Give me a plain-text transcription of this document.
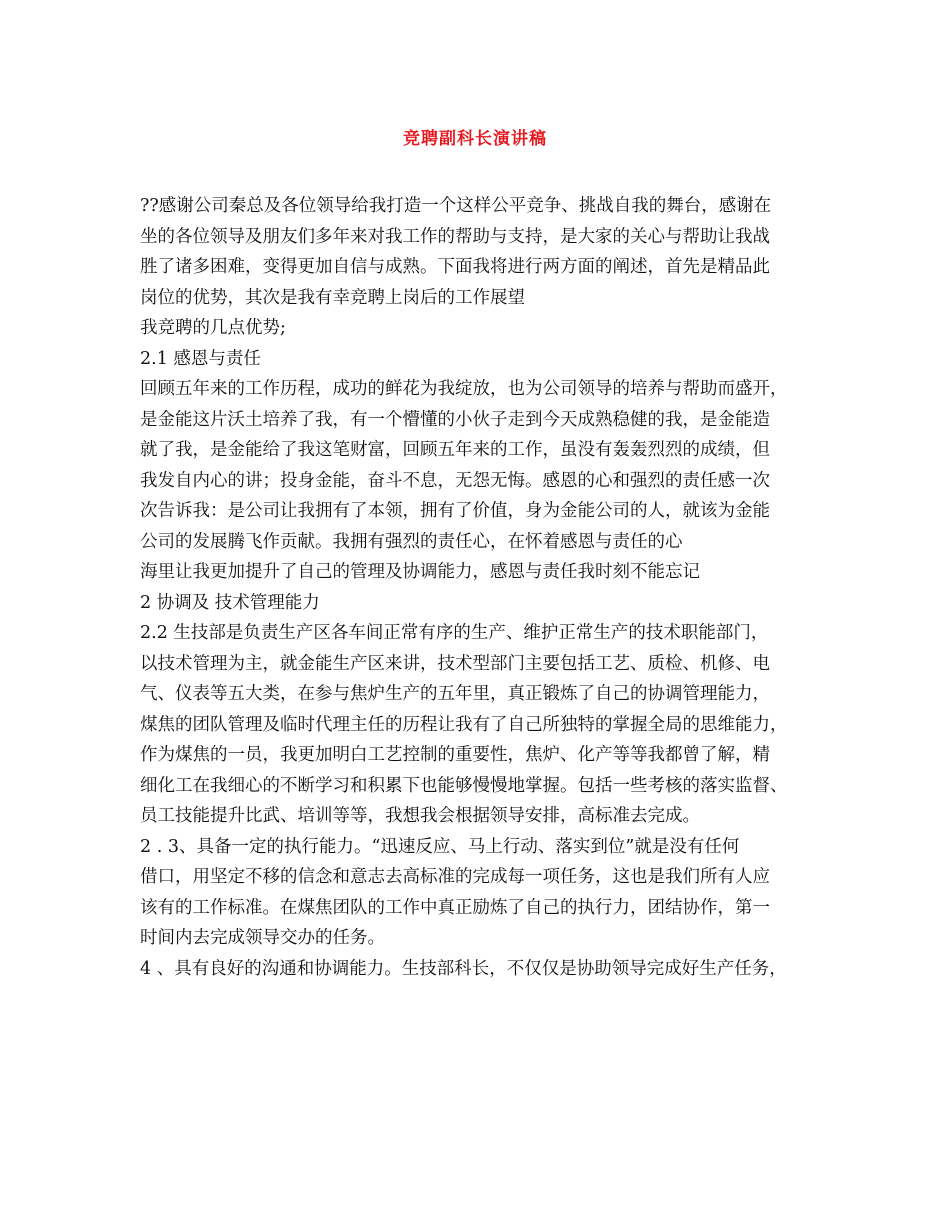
竞聘副科长演讲稿
??感谢公司秦总及各位领导给我打造一个这样公平竞争、挑战自我的舞台，感谢在
坐的各位领导及朋友们多年来对我工作的帮助与支持，是大家的关心与帮助让我战
胜了诸多困难，变得更加自信与成熟。下面我将进行两方面的阐述，首先是精品此
岗位的优势，其次是我有幸竞聘上岗后的工作展望
我竞聘的几点优势;
2.1 感恩与责任
回顾五年来的工作历程，成功的鲜花为我绽放，也为公司领导的培养与帮助而盛开，
是金能这片沃土培养了我，有一个懵懂的小伙子走到今天成熟稳健的我，是金能造
就了我，是金能给了我这笔财富，回顾五年来的工作，虽没有轰轰烈烈的成绩，但
我发自内心的讲；投身金能，奋斗不息，无怨无悔。感恩的心和强烈的责任感一次
次告诉我：是公司让我拥有了本领，拥有了价值，身为金能公司的人，就该为金能
公司的发展腾飞作贡献。我拥有强烈的责任心，在怀着感恩与责任的心
海里让我更加提升了自己的管理及协调能力，感恩与责任我时刻不能忘记
2 协调及 技术管理能力
2.2 生技部是负责生产区各车间正常有序的生产、维护正常生产的技术职能部门，
以技术管理为主，就金能生产区来讲，技术型部门主要包括工艺、质检、机修、电
气、仪表等五大类，在参与焦炉生产的五年里，真正锻炼了自己的协调管理能力，
煤焦的团队管理及临时代理主任的历程让我有了自己所独特的掌握全局的思维能力，
作为煤焦的一员，我更加明白工艺控制的重要性，焦炉、化产等等我都曾了解，精
细化工在我细心的不断学习和积累下也能够慢慢地掌握。包括一些考核的落实监督、
员工技能提升比武、培训等等，我想我会根据领导安排，高标准去完成。
2 . 3、具备一定的执行能力。“迅速反应、马上行动、落实到位”就是没有任何
借口，用坚定不移的信念和意志去高标准的完成每一项任务，这也是我们所有人应
该有的工作标准。在煤焦团队的工作中真正励炼了自己的执行力，团结协作，第一
时间内去完成领导交办的任务。
4 、具有良好的沟通和协调能力。生技部科长，不仅仅是协助领导完成好生产任务，
